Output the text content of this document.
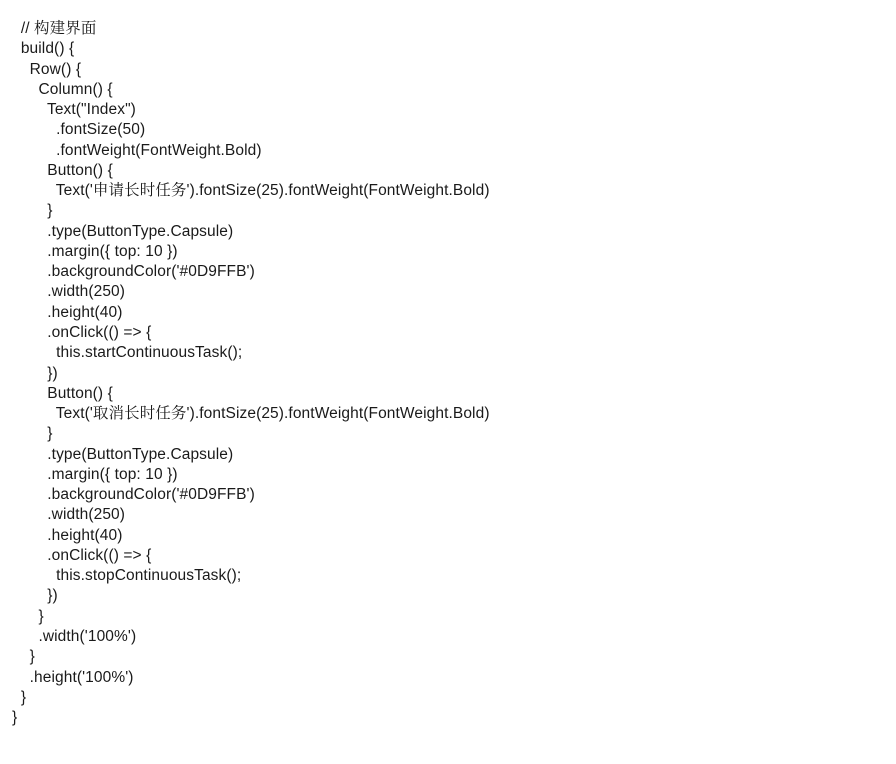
// 构建界面
build() {
Row() {
Column() {
Text("Index")
.fontSize(50)
.fontWeight(FontWeight.Bold)
Button() {
Text('申请长时任务').fontSize(25).fontWeight(FontWeight.Bold)
}
.type(ButtonType.Capsule)
.margin({ top: 10 })
.backgroundColor('#0D9FFB')
.width(250)
.height(40)
.onClick(() => {
this.startContinuousTask();
})
Button() {
Text('取消长时任务').fontSize(25).fontWeight(FontWeight.Bold)
}
.type(ButtonType.Capsule)
.margin({ top: 10 })
.backgroundColor('#0D9FFB')
.width(250)
.height(40)
.onClick(() => {
this.stopContinuousTask();
})
}
.width('100%')
}
.height('100%')
}
}
